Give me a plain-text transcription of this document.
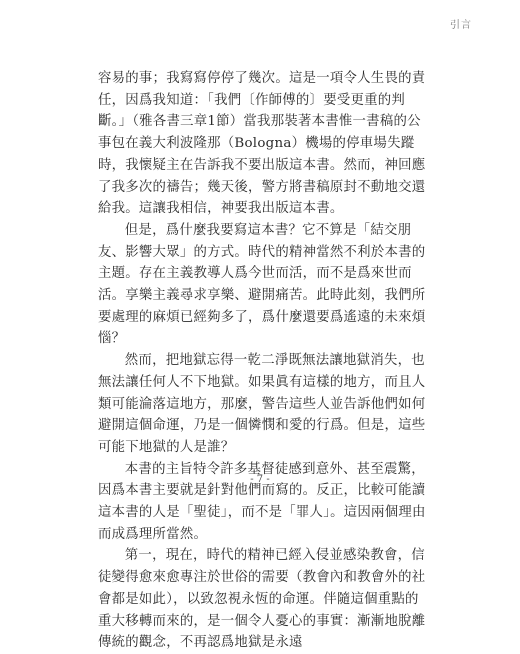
引言

容易的事；我寫寫停停了幾次。這是一項令人生畏的責任，因爲我知道：「我們〔作師傅的〕要受更重的判斷。」（雅各書三章1節）當我那裝著本書惟一書稿的公事包在義大利波隆那（Bologna）機場的停車場失蹤時，我懷疑主在告訴我不要出版這本書。然而，神回應了我多次的禱告；幾天後，警方將書稿原封不動地交還給我。這讓我相信，神要我出版這本書。

但是，爲什麼我要寫這本書？它不算是「結交朋友、影響大眾」的方式。時代的精神當然不利於本書的主題。存在主義教導人爲今世而活，而不是爲來世而活。享樂主義尋求享樂、避開痛苦。此時此刻，我們所要處理的麻煩已經夠多了，爲什麼還要爲遙遠的未來煩惱？

然而，把地獄忘得一乾二淨既無法讓地獄消失，也無法讓任何人不下地獄。如果眞有這樣的地方，而且人類可能淪落這地方，那麼，警告這些人並告訴他們如何避開這個命運，乃是一個憐憫和愛的行爲。但是，這些可能下地獄的人是誰？

本書的主旨特令許多基督徒感到意外、甚至震驚，因爲本書主要就是針對他們而寫的。反正，比較可能讀這本書的人是「聖徒」，而不是「罪人」。這因兩個理由而成爲理所當然。

第一，現在，時代的精神已經入侵並感染教會，信徒變得愈來愈專注於世俗的需要（教會內和教會外的社會都是如此），以致忽視永恆的命運。伴隨這個重點的重大移轉而來的，是一個令人憂心的事實：漸漸地脫離傳統的觀念，不再認爲地獄是永遠

- 7 -
